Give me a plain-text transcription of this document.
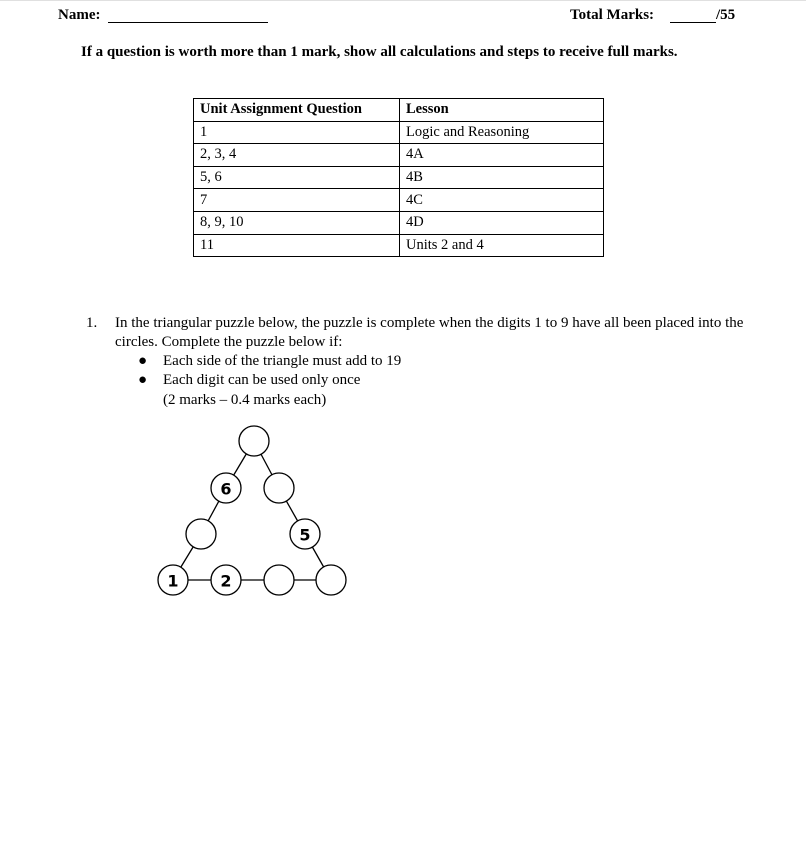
Name:	Total Marks:	/55
If a question is worth more than 1 mark, show all calculations and steps to receive full marks.
Unit Assignment Question	Lesson
1	Logic and Reasoning
2, 3, 4	4A
5, 6	4B
7	4C
8, 9, 10	4D
11	Units 2 and 4
1. In the triangular puzzle below, the puzzle is complete when the digits 1 to 9 have all been placed into the circles. Complete the puzzle below if:
● Each side of the triangle must add to 19
● Each digit can be used only once
(2 marks – 0.4 marks each)
6
5
1	2
